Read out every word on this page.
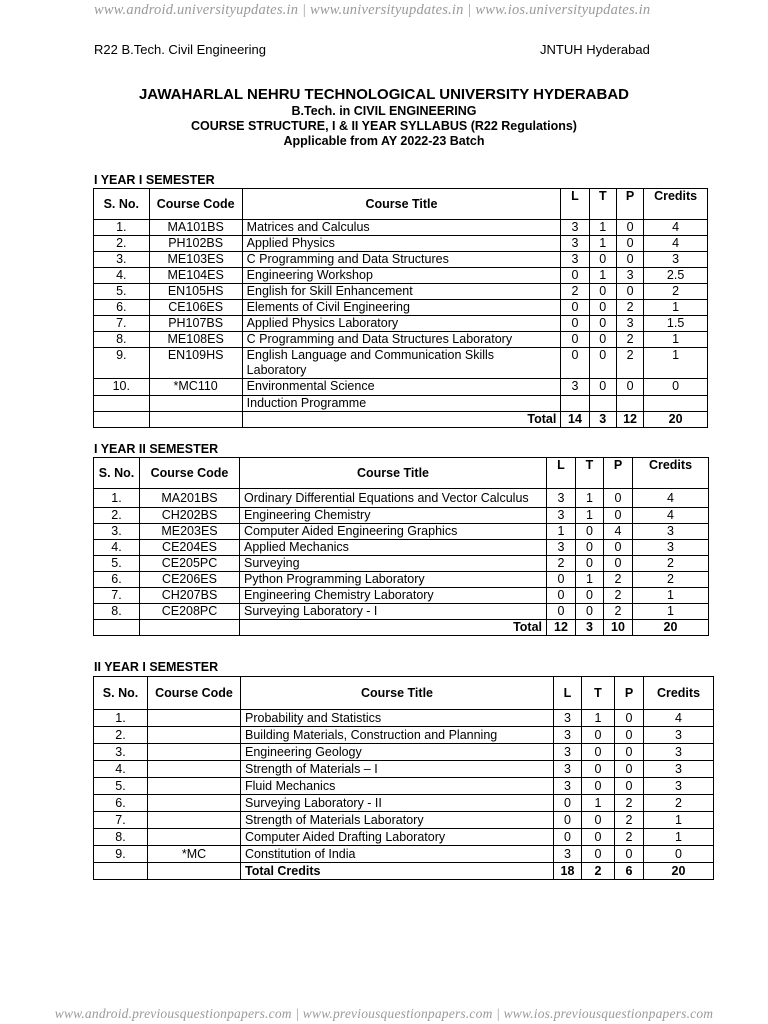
www.android.universityupdates.in | www.universityupdates.in | www.ios.universityupdates.in
R22 B.Tech. Civil Engineering	JNTUH Hyderabad
JAWAHARLAL NEHRU TECHNOLOGICAL UNIVERSITY HYDERABAD
B.Tech. in CIVIL ENGINEERING
COURSE STRUCTURE, I & II YEAR SYLLABUS (R22 Regulations)
Applicable from AY 2022-23 Batch
I YEAR I SEMESTER
S. No.	Course Code	Course Title	L	T	P	Credits
1.	MA101BS	Matrices and Calculus	3	1	0	4
2.	PH102BS	Applied Physics	3	1	0	4
3.	ME103ES	C Programming and Data Structures	3	0	0	3
4.	ME104ES	Engineering Workshop	0	1	3	2.5
5.	EN105HS	English for Skill Enhancement	2	0	0	2
6.	CE106ES	Elements of Civil Engineering	0	0	2	1
7.	PH107BS	Applied Physics Laboratory	0	0	3	1.5
8.	ME108ES	C Programming and Data Structures Laboratory	0	0	2	1
9.	EN109HS	English Language and Communication Skills Laboratory	0	0	2	1
10.	*MC110	Environmental Science	3	0	0	0
		Induction Programme				
		Total	14	3	12	20
I YEAR II SEMESTER
S. No.	Course Code	Course Title	L	T	P	Credits
1.	MA201BS	Ordinary Differential Equations and Vector Calculus	3	1	0	4
2.	CH202BS	Engineering Chemistry	3	1	0	4
3.	ME203ES	Computer Aided Engineering Graphics	1	0	4	3
4.	CE204ES	Applied Mechanics	3	0	0	3
5.	CE205PC	Surveying	2	0	0	2
6.	CE206ES	Python Programming Laboratory	0	1	2	2
7.	CH207BS	Engineering Chemistry Laboratory	0	0	2	1
8.	CE208PC	Surveying Laboratory - I	0	0	2	1
		Total	12	3	10	20
II YEAR I SEMESTER
S. No.	Course Code	Course Title	L	T	P	Credits
1.		Probability and Statistics	3	1	0	4
2.		Building Materials, Construction and Planning	3	0	0	3
3.		Engineering Geology	3	0	0	3
4.		Strength of Materials – I	3	0	0	3
5.		Fluid Mechanics	3	0	0	3
6.		Surveying Laboratory - II	0	1	2	2
7.		Strength of Materials Laboratory	0	0	2	1
8.		Computer Aided Drafting Laboratory	0	0	2	1
9.	*MC	Constitution of India	3	0	0	0
		Total Credits	18	2	6	20
www.android.previousquestionpapers.com | www.previousquestionpapers.com | www.ios.previousquestionpapers.com
